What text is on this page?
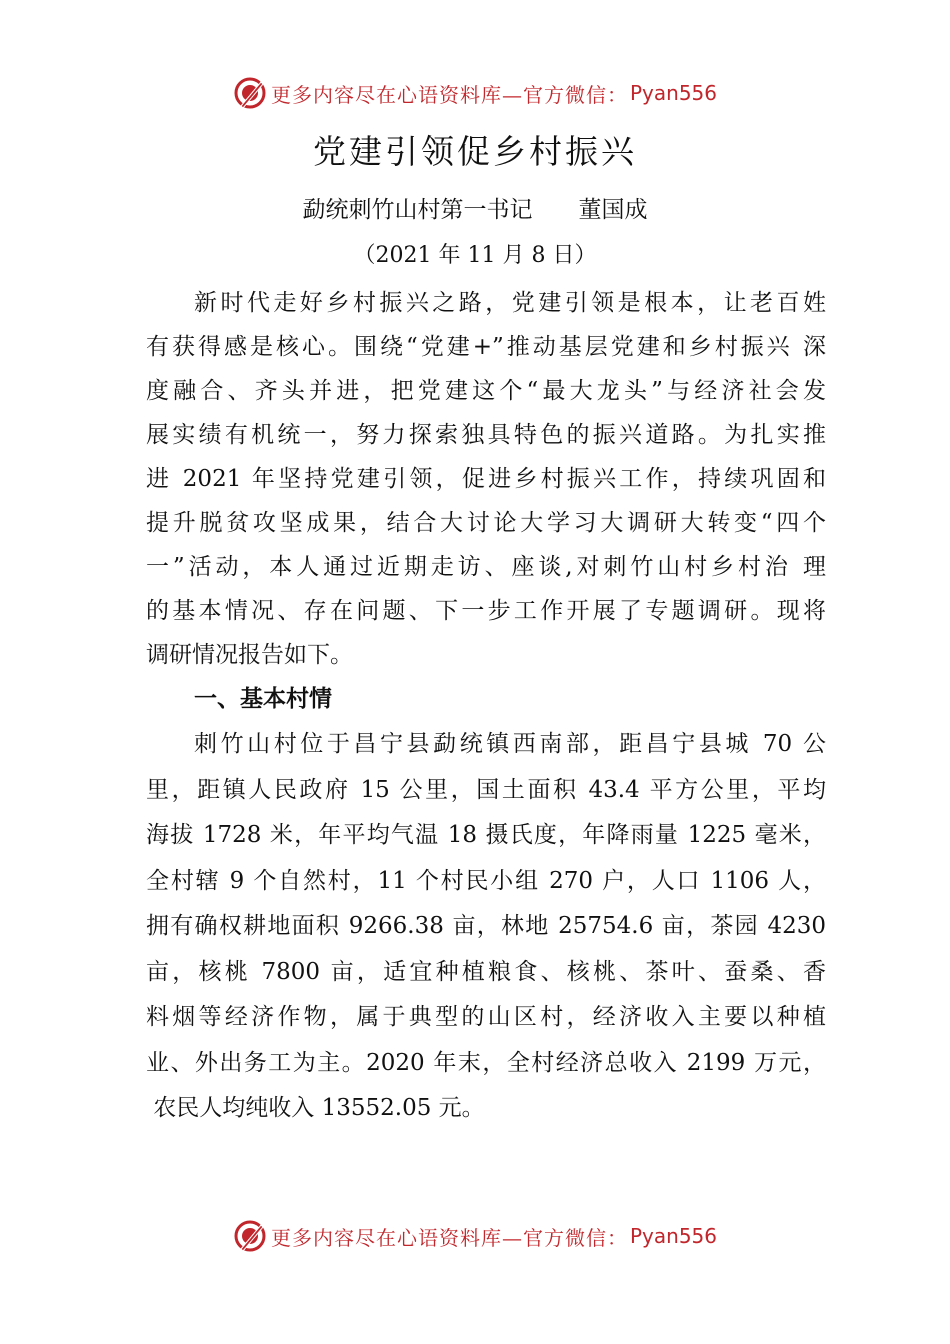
更多内容尽在心语资料库—官方微信： Pyan556
党建引领促乡村振兴
勐统刺竹山村第一书记　　董国成
（2021 年 11 月 8 日）
新时代走好乡村振兴之路，党建引领是根本，让老百姓
有获得感是核心。围绕“党建+”推动基层党建和乡村振兴 深
度融合、齐头并进，把党建这个“最大龙头”与经济社会发
展实绩有机统一，努力探索独具特色的振兴道路。为扎实推
进 2021 年坚持党建引领，促进乡村振兴工作，持续巩固和
提升脱贫攻坚成果，结合大讨论大学习大调研大转变“四个
一”活动，本人通过近期走访、座谈,对刺竹山村乡村治 理
的基本情况、存在问题、下一步工作开展了专题调研。现将
调研情况报告如下。
一、基本村情
刺竹山村位于昌宁县勐统镇西南部，距昌宁县城 70 公
里，距镇人民政府 15 公里，国土面积 43.4 平方公里，平均
海拔 1728 米，年平均气温 18 摄氏度，年降雨量 1225 毫米，
全村辖 9 个自然村，11 个村民小组 270 户，人口 1106 人，
拥有确权耕地面积 9266.38 亩，林地 25754.6 亩，茶园 4230
亩，核桃 7800 亩，适宜种植粮食、核桃、茶叶、蚕桑、香
料烟等经济作物，属于典型的山区村，经济收入主要以种植
业、外出务工为主。2020 年末，全村经济总收入 2199 万元，
农民人均纯收入 13552.05 元。
更多内容尽在心语资料库—官方微信： Pyan556
